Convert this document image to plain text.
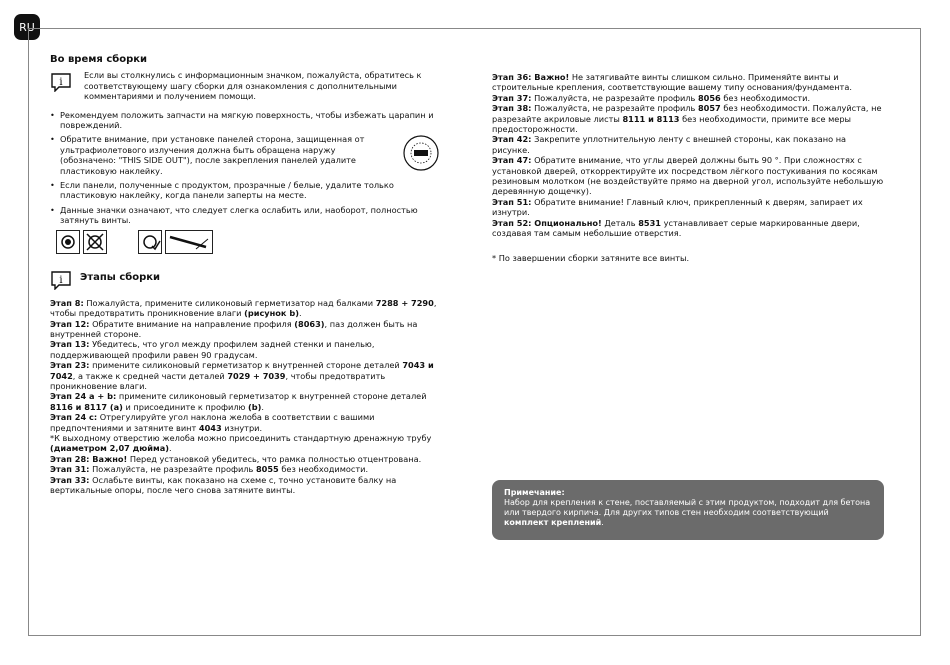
RU
Во время сборки
i
Если вы столкнулись с информационным значком, пожалуйста, обратитесь к соответствующему шагу сборки для ознакомления с дополнительными комментариями и получением помощи.
• Рекомендуем положить запчасти на мягкую поверхность, чтобы избежать царапин и повреждений.
• Обратите внимание, при установке панелей сторона, защищенная от ультрафиолетового излучения должна быть обращена наружу (обозначено: "THIS SIDE OUT"), после закрепления панелей удалите пластиковую наклейку.
• Если панели, полученные с продуктом, прозрачные / белые, удалите только пластиковую наклейку, когда панели заперты на месте.
• Данные значки означают, что следует слегка ослабить или, наоборот, полностью затянуть винты.
i Этапы сборки

Этап 8: Пожалуйста, примените силиконовый герметизатор над балками 7288 + 7290, чтобы предотвратить проникновение влаги (рисунок b).

Этап 12: Обратите внимание на направление профиля (8063), паз должен быть на внутренней стороне.

Этап 13: Убедитесь, что угол между профилем задней стенки и панелью, поддерживающей профили равен 90 градусам.

Этап 23: примените силиконовый герметизатор к внутренней стороне деталей 7043 и 7042, а также к средней части деталей 7029 + 7039, чтобы предотвратить проникновение влаги.

Этап 24 a + b: примените силиконовый герметизатор к внутренней стороне деталей 8116 и 8117 (a) и присоедините к профилю (b).

Этап 24 c: Отрегулируйте угол наклона желоба в соответствии с вашими предпочтениями и затяните винт 4043 изнутри.

*К выходному отверстию желоба можно присоединить стандартную дренажную трубу (диаметром 2,07 дюйма).

Этап 28: Важно! Перед установкой убедитесь, что рамка полностью отцентрована.

Этап 31: Пожалуйста, не разрезайте профиль 8055 без необходимости.

Этап 33: Ослабьте винты, как показано на схеме с, точно установите балку на вертикальные опоры, после чего снова затяните винты.

Этап 36: Важно! Не затягивайте винты слишком сильно. Применяйте винты и строительные крепления, соответствующие вашему типу основания/фундамента.

Этап 37: Пожалуйста, не разрезайте профиль 8056 без необходимости.

Этап 38: Пожалуйста, не разрезайте профиль 8057 без необходимости. Пожалуйста, не разрезайте акриловые листы 8111 и 8113 без необходимости, примите все меры предосторожности.

Этап 42: Закрепите уплотнительную ленту с внешней стороны, как показано на рисунке.

Этап 47: Обратите внимание, что углы дверей должны быть 90 °. При сложностях с установкой дверей, откорректируйте их посредством лёгкого постукивания по косякам резиновым молотком (не воздействуйте прямо на дверной угол, используйте небольшую деревянную дощечку).

Этап 51: Обратите внимание! Главный ключ, прикрепленный к дверям, запирает их изнутри.

Этап 52: Опционально! Деталь 8531 устанавливает серые маркированные двери, создавая там самым небольшие отверстия.

* По завершении сборки затяните все винты.

Примечание:
Набор для крепления к стене, поставляемый с этим продуктом, подходит для бетона или твердого кирпича. Для других типов стен необходим соответствующий комплект креплений.
